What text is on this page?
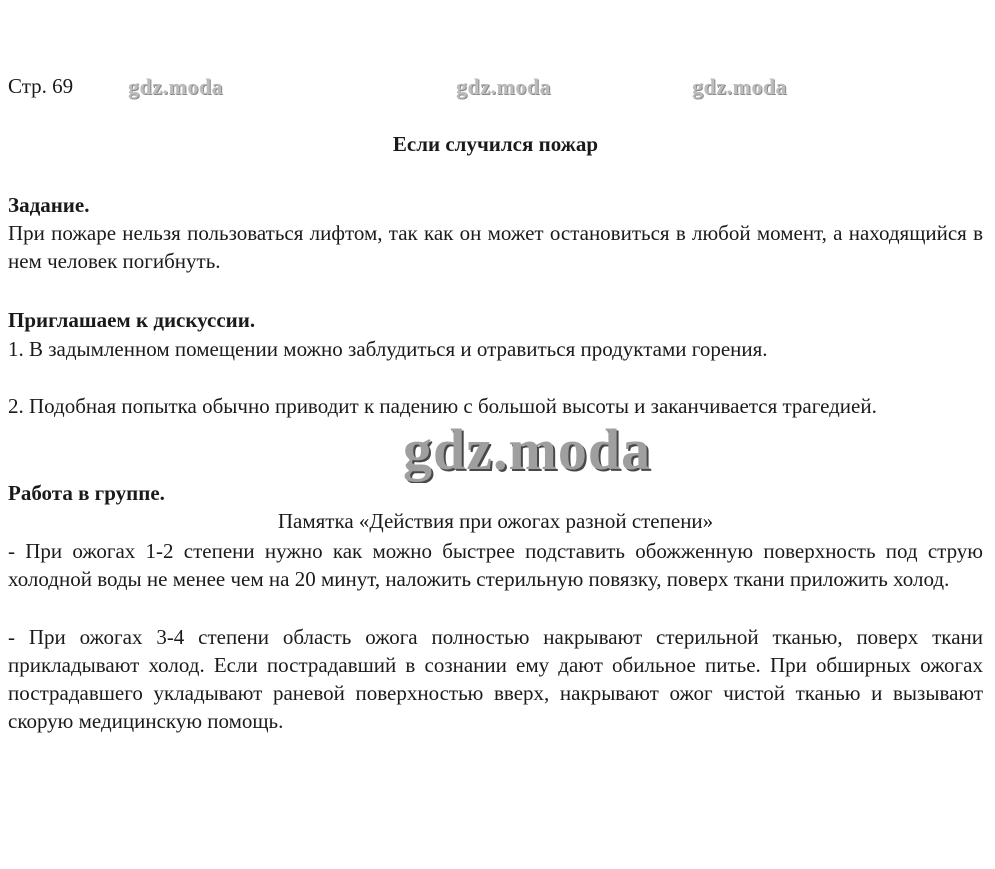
Стр. 69 gdz.moda	gdz.moda	gdz.moda
Если случился пожар
Задание.
При пожаре нельзя пользоваться лифтом, так как он может остановиться в любой момент, а находящийся в нем человек погибнуть.
Приглашаем к дискуссии.
1. В задымленном помещении можно заблудиться и отравиться продуктами горения.
2. Подобная попытка обычно приводит к падению с большой высоты и заканчивается трагедией.
gdz.moda
Работа в группе.
Памятка «Действия при ожогах разной степени»
- При ожогах 1-2 степени нужно как можно быстрее подставить обожженную поверхность под струю холодной воды не менее чем на 20 минут, наложить стерильную повязку, поверх ткани приложить холод.
- При ожогах 3-4 степени область ожога полностью накрывают стерильной тканью, поверх ткани прикладывают холод. Если пострадавший в сознании ему дают обильное питье. При обширных ожогах пострадавшего укладывают раневой поверхностью вверх, накрывают ожог чистой тканью и вызывают скорую медицинскую помощь.
